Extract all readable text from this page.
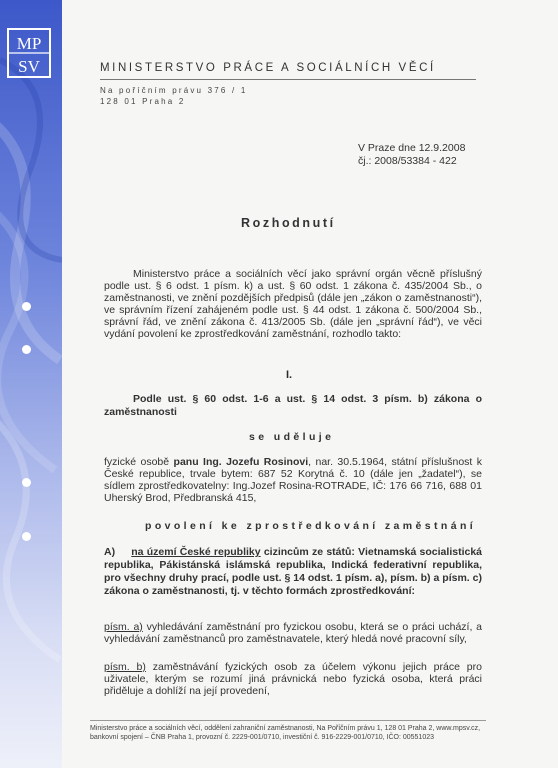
MP
SV	MINISTERSTVO PRÁCE A SOCIÁLNÍCH VĚCÍ
Na poříčním právu 376 / 1
128 01 Praha 2
V Praze dne 12.9.2008
čj.: 2008/53384 - 422
Rozhodnutí
Ministerstvo práce a sociálních věcí jako správní orgán věcně příslušný podle ust. § 6 odst. 1 písm. k) a ust. § 60 odst. 1 zákona č. 435/2004 Sb., o zaměstnanosti, ve znění pozdějších předpisů (dále jen „zákon o zaměstnanosti“), ve správním řízení zahájeném podle ust. § 44 odst. 1 zákona č. 500/2004 Sb., správní řád, ve znění zákona č. 413/2005 Sb. (dále jen „správní řád“), ve věci vydání povolení ke zprostředkování zaměstnání, rozhodlo takto:
I.
Podle ust. § 60 odst. 1-6 a ust. § 14 odst. 3 písm. b) zákona o zaměstnanosti
se uděluje
fyzické osobě panu Ing. Jozefu Rosinovi, nar. 30.5.1964, státní příslušnost k České republice, trvale bytem: 687 52 Korytná č. 10 (dále jen „žadatel“), se sídlem zprostředkovatelny: Ing.Jozef Rosina-ROTRADE, IČ: 176 66 716, 688 01 Uherský Brod, Předbranská 415,
povolení ke zprostředkování zaměstnání
A) na území České republiky cizincům ze států: Vietnamská socialistická republika, Pákistánská islámská republika, Indická federativní republika, pro všechny druhy prací, podle ust. § 14 odst. 1 písm. a), písm. b) a písm. c) zákona o zaměstnanosti, tj. v těchto formách zprostředkování:
písm. a) vyhledávání zaměstnání pro fyzickou osobu, která se o práci uchází, a vyhledávání zaměstnanců pro zaměstnavatele, který hledá nové pracovní síly,
písm. b) zaměstnávání fyzických osob za účelem výkonu jejich práce pro uživatele, kterým se rozumí jiná právnická nebo fyzická osoba, která práci přiděluje a dohlíží na její provedení,
Ministerstvo práce a sociálních věcí, oddělení zahraniční zaměstnanosti, Na Poříčním právu 1, 128 01 Praha 2, www.mpsv.cz, bankovní spojení – ČNB Praha 1, provozní č. 2229-001/0710, investiční č. 916-2229-001/0710, IČO: 00551023
